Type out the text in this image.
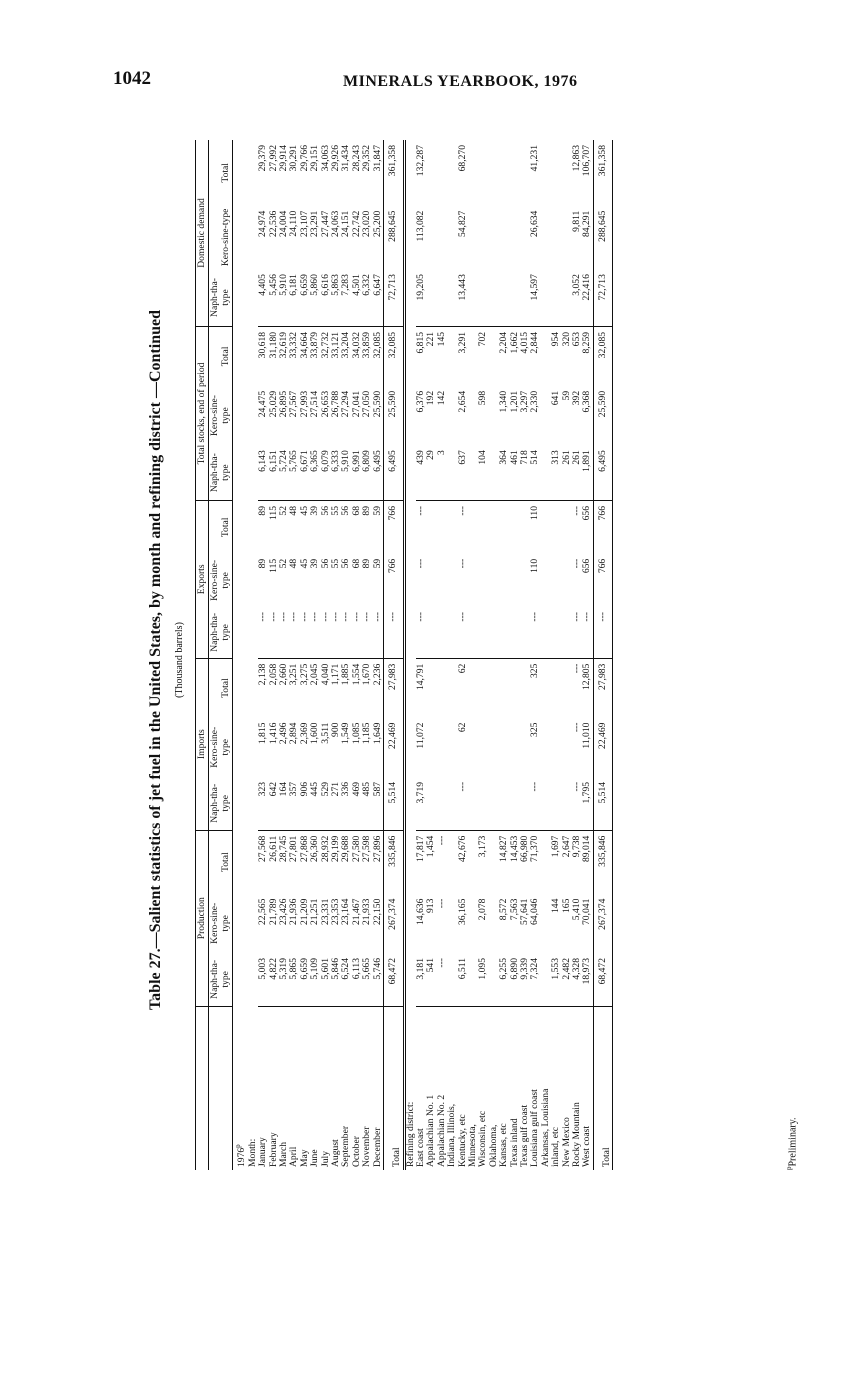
1042	MINERALS YEARBOOK, 1976
Table 27.—Salient statistics of jet fuel in the United States, by month and refining district —Continued (Thousand barrels)
	Production			Imports			Exports			Total stocks, end of period			Domestic demand		
	Naph-tha-type	Kero-sine-type	Total	Naph-tha-type	Kero-sine-type	Total	Naph-tha-type	Kero-sine-type	Total	Naph-tha-type	Kero-sine-type	Total	Naph-tha-type	Kero-sine-type	Total
1976$^p$	
Month:															
January	5,003	22,565	27,568	323	1,815	2,138	---	89	89	6,143	24,475	30,618	4,405	24,974	29,379
February	4,822	21,789	26,611	642	1,416	2,058	---	115	115	6,151	25,029	31,180	5,456	22,536	27,992
March	5,319	23,426	28,745	164	2,496	2,660	---	52	52	5,724	26,895	32,619	5,910	24,004	29,914
April	5,865	21,936	27,801	357	2,894	3,251	---	48	48	5,765	27,567	33,332	6,181	24,110	30,291
May	6,659	21,209	27,868	906	2,369	3,275	---	45	45	6,671	27,993	34,664	6,659	23,107	29,766
June	5,109	21,251	26,360	445	1,600	2,045	---	39	39	6,365	27,514	33,879	5,860	23,291	29,151
July	5,601	23,331	28,932	529	3,511	4,040	---	56	56	6,079	26,653	32,732	6,616	27,447	34,063
August	5,846	23,353	29,199	271	900	1,171	---	55	55	6,333	26,788	33,121	5,863	24,063	29,926
September	6,524	23,164	29,688	336	1,549	1,885	---	56	56	5,910	27,294	33,204	7,283	24,151	31,434
October	6,113	21,467	27,580	469	1,085	1,554	---	68	68	6,991	27,041	34,032	4,501	22,742	28,243
November	5,665	21,933	27,598	485	1,185	1,670	---	89	89	6,809	27,050	33,859	6,332	23,020	29,352
December	5,746	22,150	27,896	587	1,649	2,236	---	59	59	6,495	25,590	32,085	6,647	25,200	31,847
Total	68,472	267,374	335,846	5,514	22,469	27,983	---	766	766	6,495	25,590	32,085	72,713	288,645	361,358
Refining district:															
East coast	3,181	14,636	17,817	3,719	11,072	14,791	---	---	---	439	6,376	6,815	19,205	113,082	132,287
Appalachian No. 1	541	913	1,454							29	192	221			
Appalachian No. 2	---	---	---							3	142	145			
Indiana, Illinois,															
Kentucky, etc	6,511	36,165	42,676	---	62	62	---	---	---	637	2,654	3,291	13,443	54,827	68,270
Minnesota,															
Wisconsin, etc	1,095	2,078	3,173							104	598	702			
Oklahoma,															
Kansas, etc	6,255	8,572	14,827							364	1,340	2,204			
Texas inland	6,890	7,563	14,453							461	1,201	1,662			
Texas gulf coast	9,339	57,641	66,980							718	3,297	4,015			
Louisiana gulf coast	7,324	64,046	71,370	---	325	325	---	110	110	514	2,330	2,844	14,597	26,634	41,231
Arkansas, Louisiana															
inland, etc	1,553	144	1,697							313	641	954			
New Mexico	2,482	165	2,647							261	59	320			
Rocky Mountain	4,328	5,410	9,738	---	---	---	---	---	---	261	392	653	3,052	9,811	12,863
West coast	18,973	70,041	89,014	1,795	11,010	12,805	---	656	656	1,891	6,368	8,259	22,416	84,291	106,707
Total	68,472	267,374	335,846	5,514	22,469	27,983	---	766	766	6,495	25,590	32,085	72,713	288,645	361,358
$^p$Preliminary.
